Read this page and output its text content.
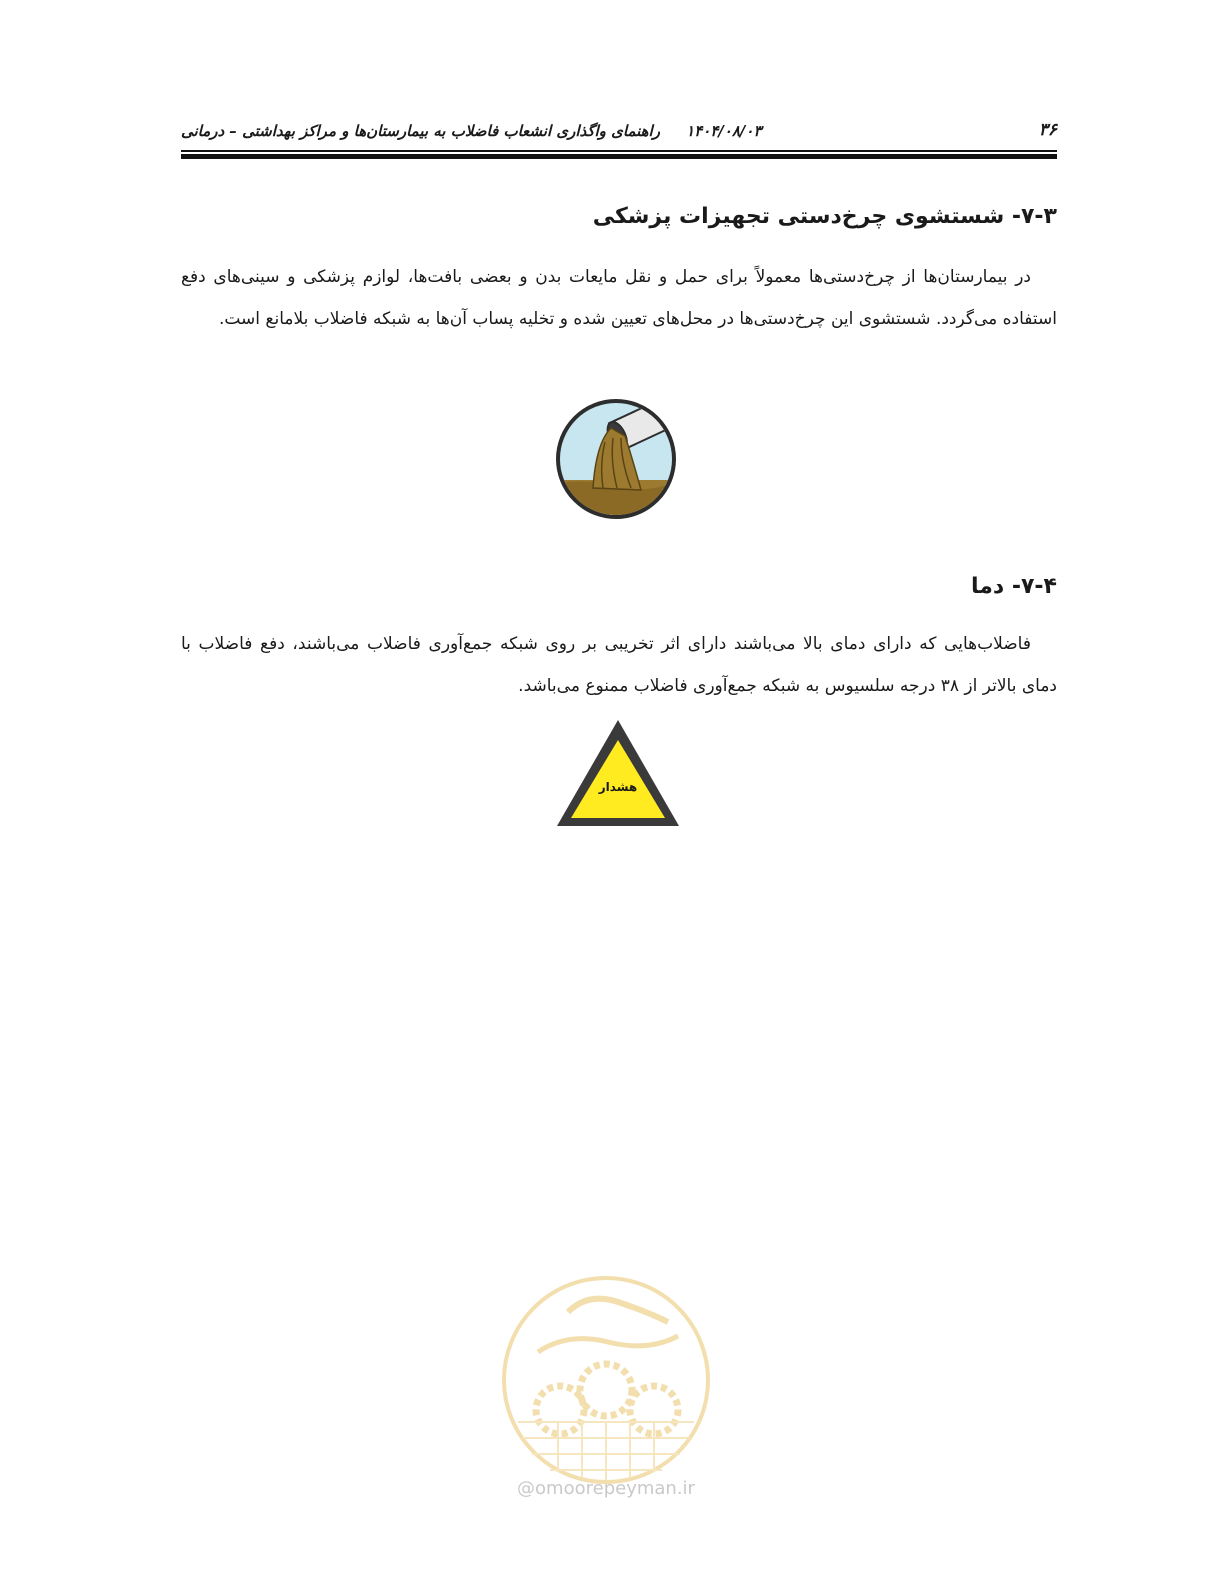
۳۶
۱۴۰۴/۰۸/۰۳     راهنمای واگذاری انشعاب فاضلاب به بیمارستان‌ها و مراکز بهداشتی – درمانی
۷-۳- شستشوی چرخ‌دستی تجهیزات پزشکی
در بیمارستان‌ها از چرخ‌دستی‌ها معمولاً برای حمل و نقل مایعات بدن و بعضی بافت‌ها، لوازم پزشکی و سینی‌های دفع استفاده می‌گردد. شستشوی این چرخ‌دستی‌ها در محل‌های تعیین شده و تخلیه پساب آن‌ها به شبکه فاضلاب بلامانع است.
۷-۴- دما
فاضلاب‌هایی که دارای دمای بالا می‌باشند دارای اثر تخریبی بر روی شبکه جمع‌آوری فاضلاب می‌باشند، دفع فاضلاب با دمای بالاتر از ۳۸ درجه سلسیوس به شبکه جمع‌آوری فاضلاب ممنوع می‌باشد.
هشدار
@omoorepeyman.ir
